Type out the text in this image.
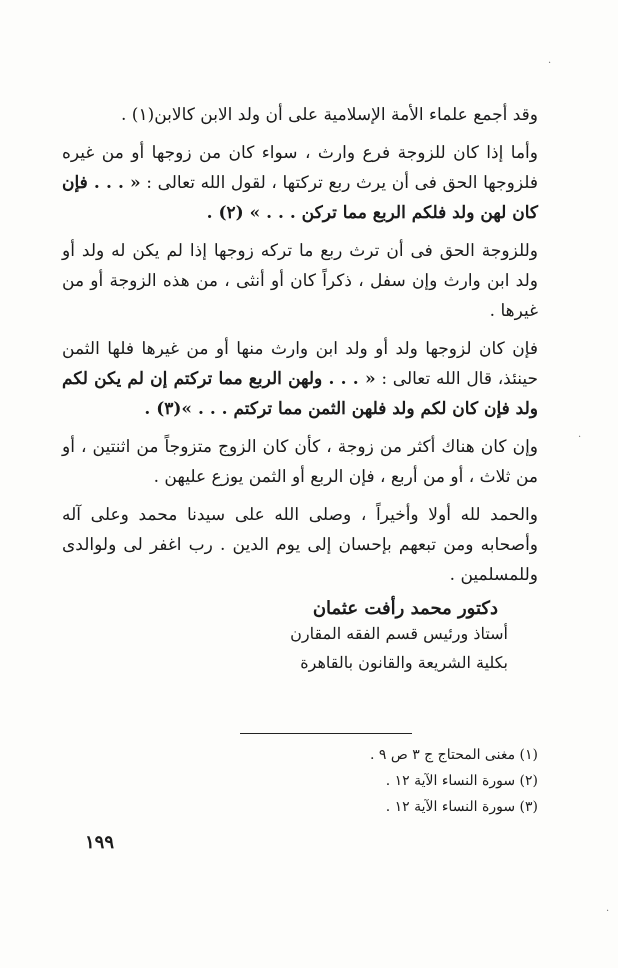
وقد أجمع علماء الأمة الإسلامية على أن ولد الابن كالابن(١) .

وأما إذا كان للزوجة فرع وارث ، سواء كان من زوجها أو من غيره فلزوجها الحق فى أن يرث ربع تركتها ، لقول الله تعالى : « . . . فإن كان لهن ولد فلكم الربع مما تركن . . . » (٢) .

وللزوجة الحق فى أن ترث ربع ما تركه زوجها إذا لم يكن له ولد أو ولد ابن وارث وإن سفل ، ذكراً كان أو أنثى ، من هذه الزوجة أو من غيرها .

فإن كان لزوجها ولد أو ولد ابن وارث منها أو من غيرها فلها الثمن حينئذ، قال الله تعالى : « . . . ولهن الربع مما تركتم إن لم يكن لكم ولد فإن كان لكم ولد فلهن الثمن مما تركتم . . . »(٣) .

وإن كان هناك أكثر من زوجة ، كأن كان الزوج متزوجاً من اثنتين ، أو من ثلاث ، أو من أربع ، فإن الربع أو الثمن يوزع عليهن .

والحمد لله أولا وأخيراً ، وصلى الله على سيدنا محمد وعلى آله وأصحابه ومن تبعهم بإحسان إلى يوم الدين . رب اغفر لى ولوالدى وللمسلمين .

دكتور محمد رأفت عثمان
أستاذ ورئيس قسم الفقه المقارن
بكلية الشريعة والقانون بالقاهرة
(١) مغنى المحتاج ج ٣ ص ٩ .
(٢) سورة النساء الآية ١٢ .
(٣) سورة النساء الآية ١٢ .
١٩٩
·
·
·
